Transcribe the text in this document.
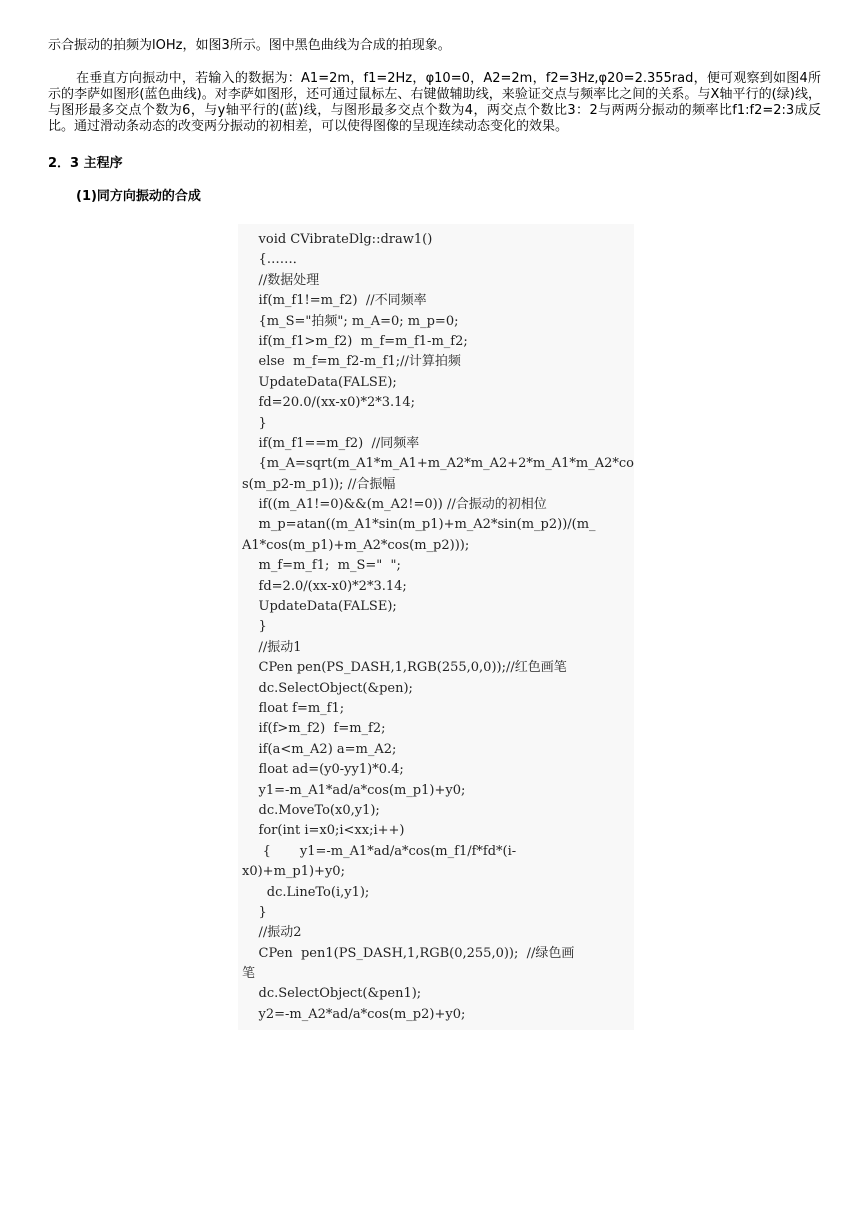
示合振动的拍频为lOHz，如图3所示。图中黑色曲线为合成的拍现象。

在垂直方向振动中，若输入的数据为：A1=2m，f1=2Hz，φ10=0，A2=2m，f2=3Hz,φ20=2.355rad，便可观察到如图4所示的李萨如图形(蓝色曲线)。对李萨如图形，还可通过鼠标左、右键做辅助线，来验证交点与频率比之间的关系。与X轴平行的(绿)线，与图形最多交点个数为6，与y轴平行的(蓝)线，与图形最多交点个数为4，两交点个数比3：2与两两分振动的频率比f1:f2=2:3成反比。通过滑动条动态的改变两分振动的初相差，可以使得图像的呈现连续动态变化的效果。

2．3 主程序
(1)同方向振动的合成
void CVibrateDlg::draw1()
{……．
//数据处理
if(m_f1!=m_f2)  //不同频率
{m_S="拍频"; m_A=0; m_p=0;
if(m_f1>m_f2)  m_f=m_f1-m_f2;
else  m_f=m_f2-m_f1;//计算拍频
UpdateData(FALSE);
fd=20.0/(xx-x0)*2*3.14;
}
if(m_f1==m_f2)  //同频率
{m_A=sqrt(m_A1*m_A1+m_A2*m_A2+2*m_A1*m_A2*co
s(m_p2-m_p1)); //合振幅
if((m_A1!=0)&&(m_A2!=0)) //合振动的初相位
m_p=atan((m_A1*sin(m_p1)+m_A2*sin(m_p2))/(m_
A1*cos(m_p1)+m_A2*cos(m_p2)));
m_f=m_f1;  m_S="  ";
fd=2.0/(xx-x0)*2*3.14;
UpdateData(FALSE);
}
//振动1
CPen pen(PS_DASH,1,RGB(255,0,0));//红色画笔
dc.SelectObject(&pen);
float f=m_f1;
if(f>m_f2)  f=m_f2;
if(a<m_A2) a=m_A2;
float ad=(y0-yy1)*0.4;
y1=-m_A1*ad/a*cos(m_p1)+y0;
dc.MoveTo(x0,y1);
for(int i=x0;i<xx;i++)
{       y1=-m_A1*ad/a*cos(m_f1/f*fd*(i-
x0)+m_p1)+y0;
dc.LineTo(i,y1);
}
//振动2
CPen  pen1(PS_DASH,1,RGB(0,255,0));  //绿色画
笔
dc.SelectObject(&pen1);
y2=-m_A2*ad/a*cos(m_p2)+y0;
